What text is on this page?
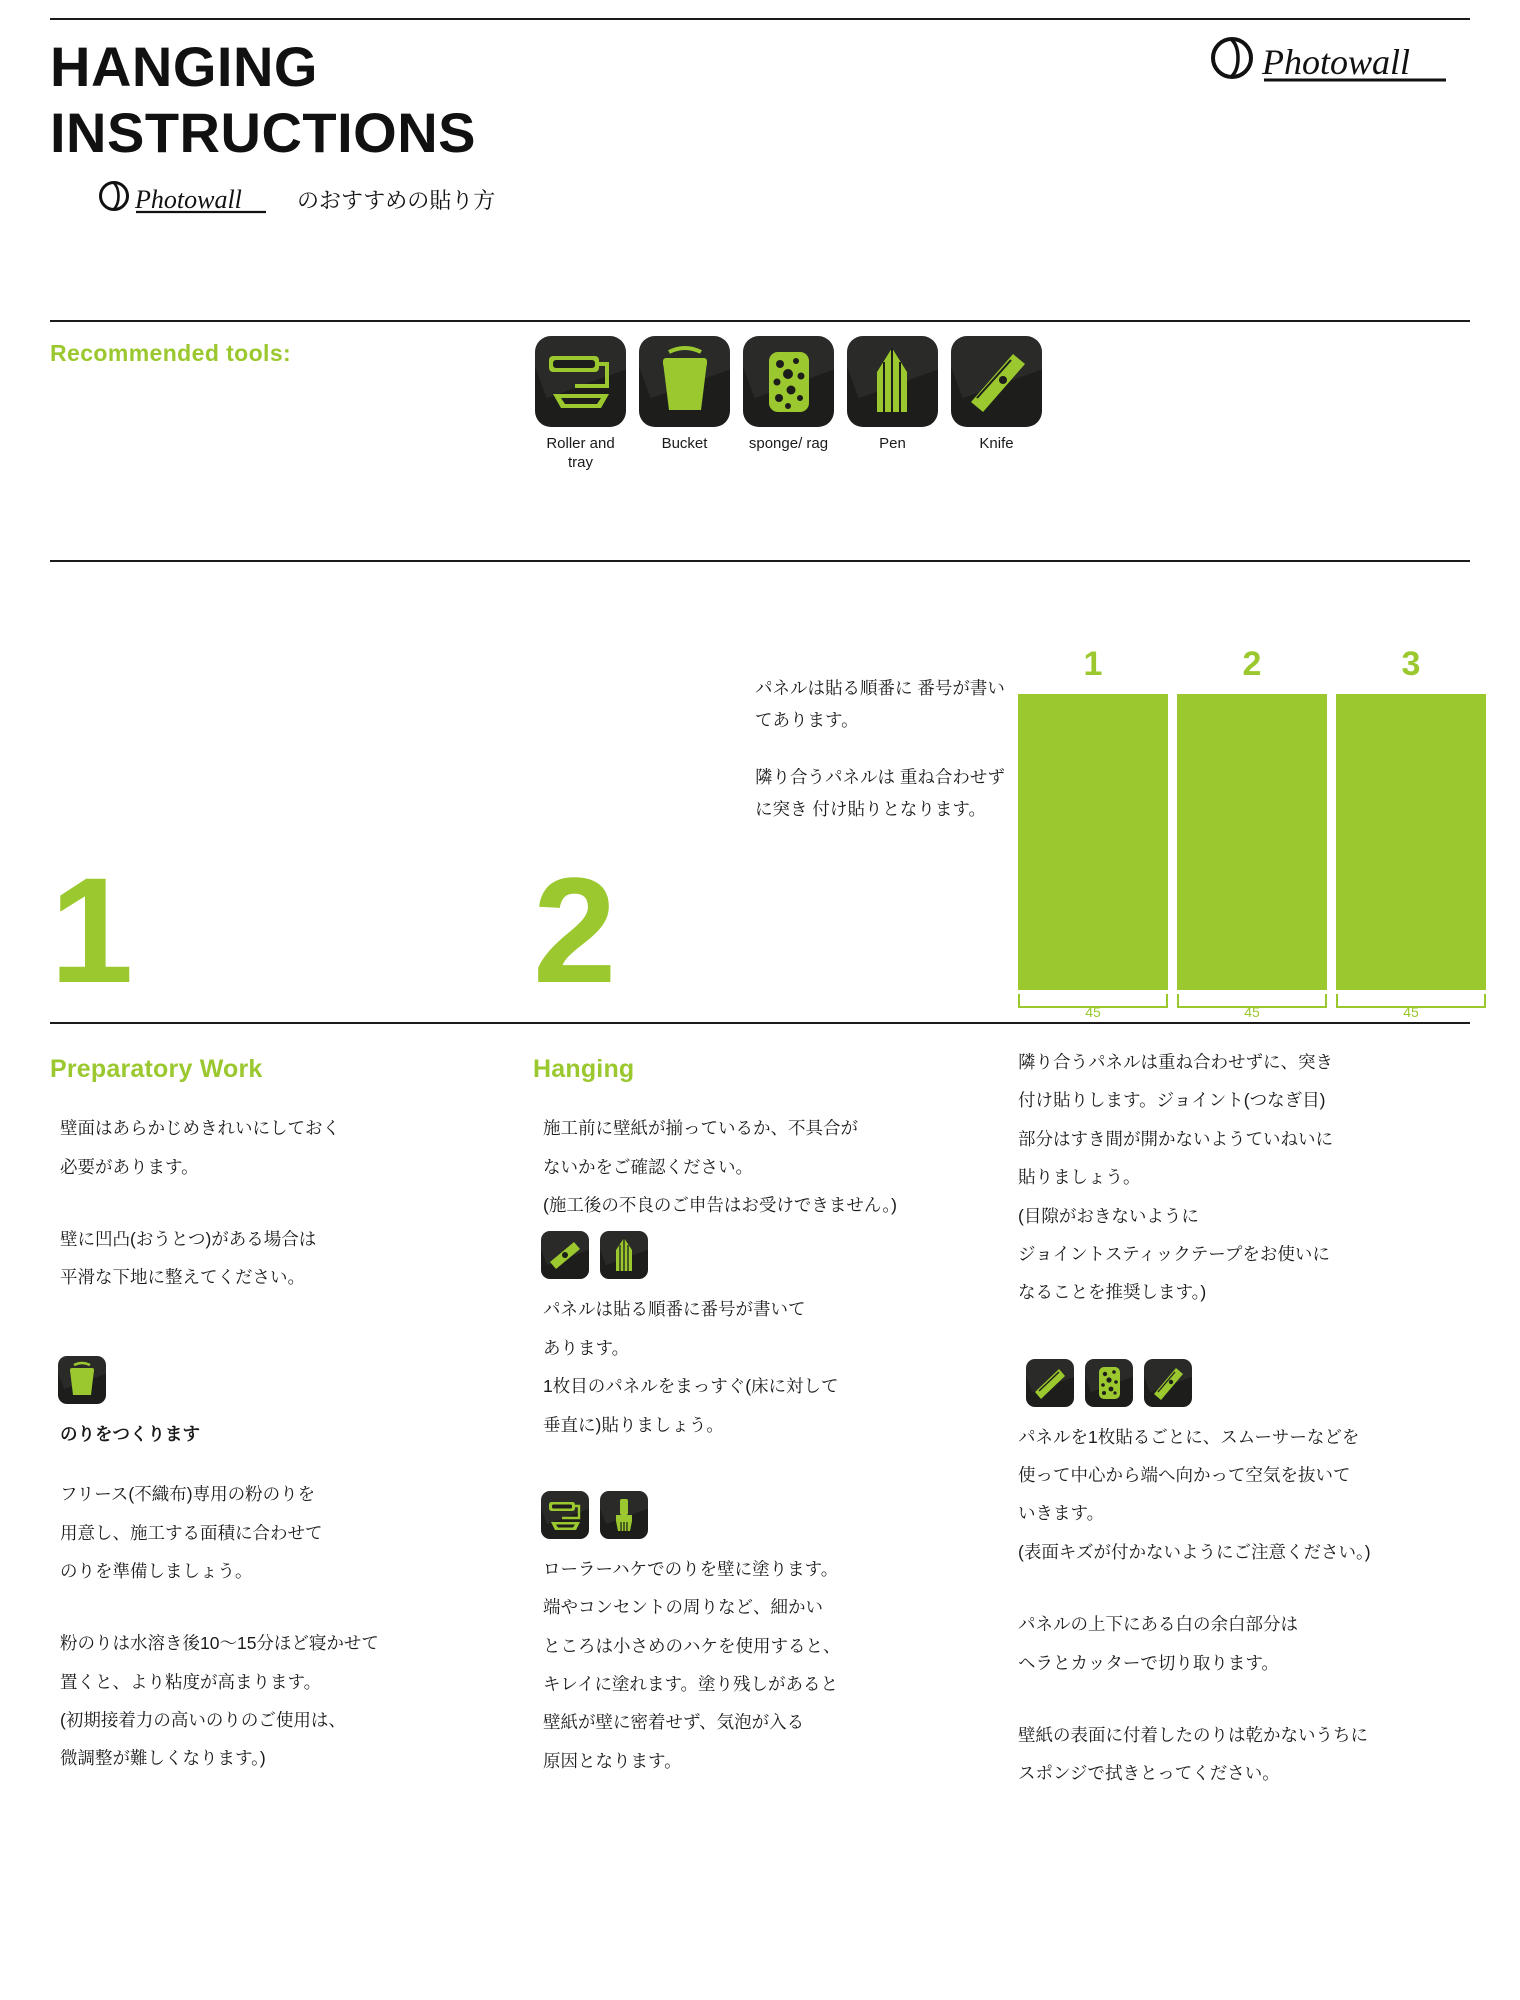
Photowall
HANGING
INSTRUCTIONS
Photowall	のおすすめの貼り方
Recommended tools:
Roller and tray
Bucket	sponge/ rag	Pen	Knife
1	2

パネルは貼る順番に 番号が書いてあります。

隣り合うパネルは 重ね合わせずに突き 付け貼りとなります。

1
45
2
45
3
45
Preparatory Work

壁面はあらかじめきれいにしておく

必要があります。

壁に凹凸(おうとつ)がある場合は

平滑な下地に整えてください。

のりをつくります

フリース(不織布)専用の粉のりを

用意し、施工する面積に合わせて

のりを準備しましょう。

粉のりは水溶き後10〜15分ほど寝かせて

置くと、より粘度が高まります。

(初期接着力の高いのりのご使用は、

微調整が難しくなります。)

Hanging

施工前に壁紙が揃っているか、不具合が

ないかをご確認ください。

(施工後の不良のご申告はお受けできません。)

パネルは貼る順番に番号が書いて

あります。

1枚目のパネルをまっすぐ(床に対して

垂直に)貼りましょう。

ローラーハケでのりを壁に塗ります。

端やコンセントの周りなど、細かい

ところは小さめのハケを使用すると、

キレイに塗れます。塗り残しがあると

壁紙が壁に密着せず、気泡が入る

原因となります。

隣り合うパネルは重ね合わせずに、突き

付け貼りします。ジョイント(つなぎ目)

部分はすき間が開かないようていねいに

貼りましょう。

(目隙がおきないように

ジョイントスティックテープをお使いに

なることを推奨します。)

パネルを1枚貼るごとに、スムーサーなどを

使って中心から端へ向かって空気を抜いて

いきます。

(表面キズが付かないようにご注意ください。)

パネルの上下にある白の余白部分は

ヘラとカッターで切り取ります。

壁紙の表面に付着したのりは乾かないうちに

スポンジで拭きとってください。
